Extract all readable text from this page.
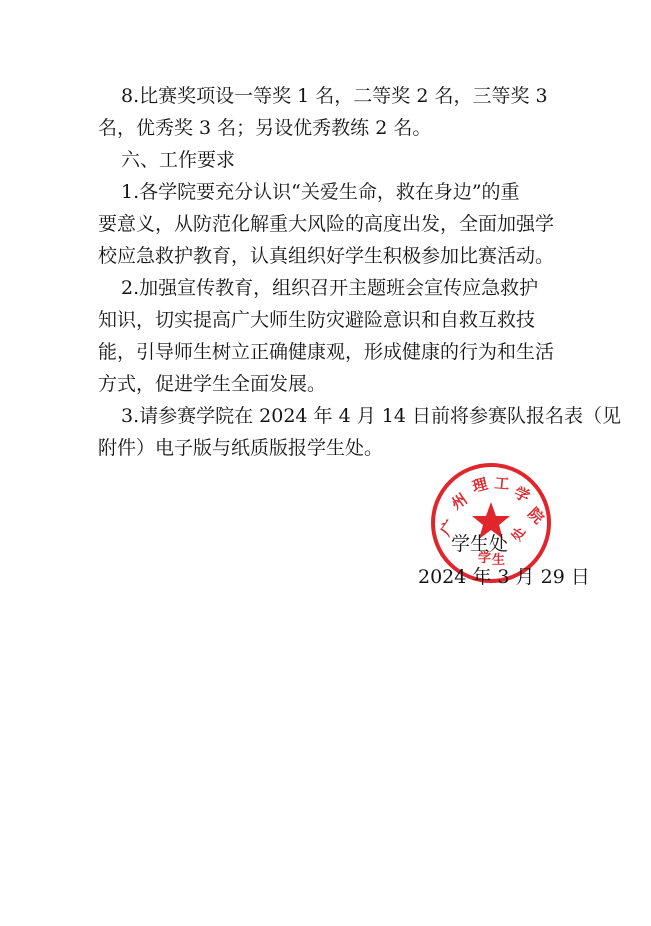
8.比赛奖项设一等奖 1 名，二等奖 2 名，三等奖 3
名，优秀奖 3 名；另设优秀教练 2 名。
六、工作要求
1.各学院要充分认识“关爱生命，救在身边”的重
要意义，从防范化解重大风险的高度出发，全面加强学
校应急救护教育，认真组织好学生积极参加比赛活动。
2.加强宣传教育，组织召开主题班会宣传应急救护
知识，切实提高广大师生防灾避险意识和自救互救技
能，引导师生树立正确健康观，形成健康的行为和生活
方式，促进学生全面发展。
3.请参赛学院在 2024 年 4 月 14 日前将参赛队报名表（见
附件）电子版与纸质版报学生处。
广
州
理 工 学
院
学 生
处
学生处
2024 年 3 月 29 日
